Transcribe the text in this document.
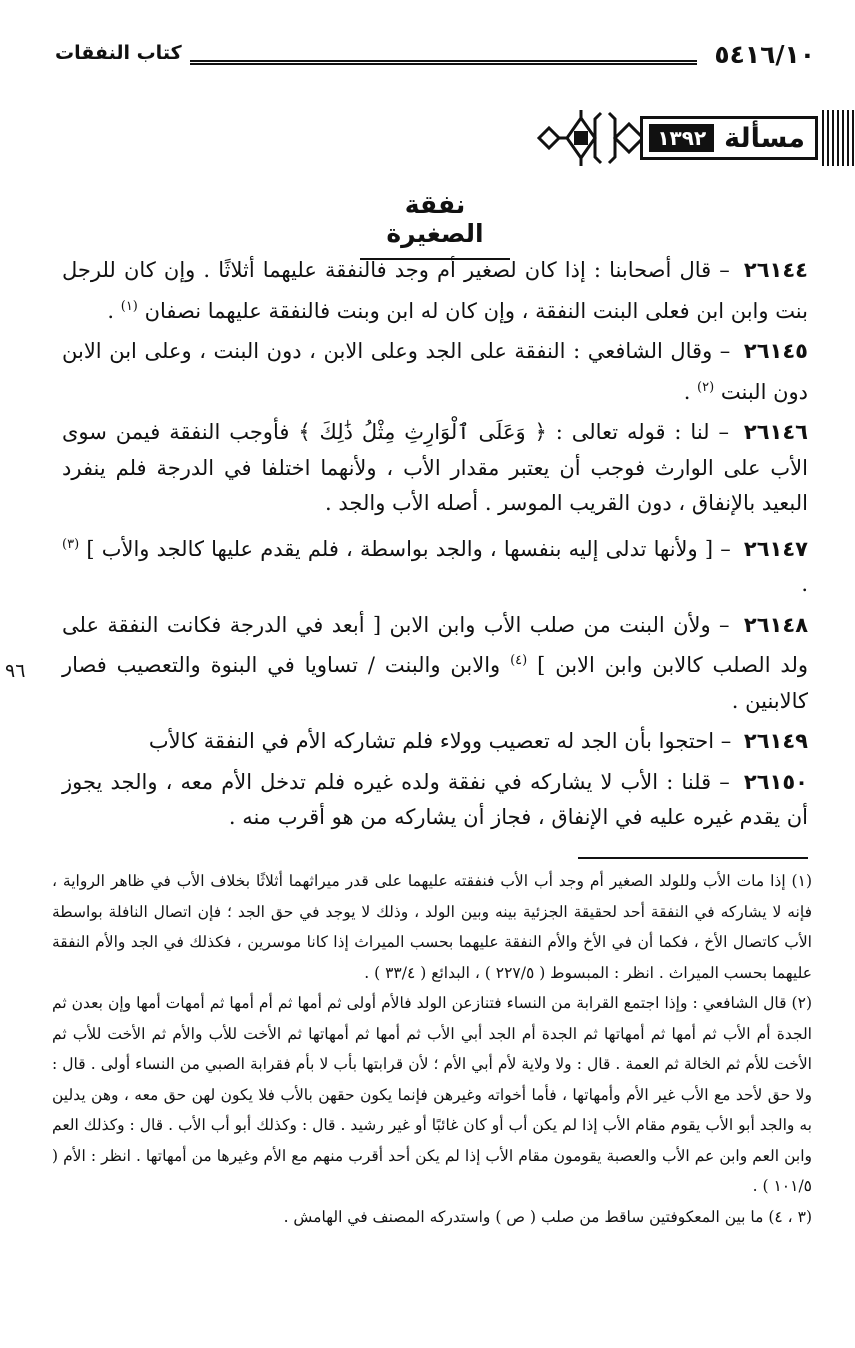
كتاب النفقات	٥٤١٦/١٠
مسألة
١٣٩٢
نفقة الصغيرة

٢٦١٤٤ – قال أصحابنا : إذا كان لصغير أم وجد فالنفقة عليهما أثلاثًا . وإن كان للرجل بنت وابن ابن فعلى البنت النفقة ، وإن كان له ابن وبنت فالنفقة عليهما نصفان $^{(١)}$ .

٢٦١٤٥ – وقال الشافعي : النفقة على الجد وعلى الابن ، دون البنت ، وعلى ابن الابن دون البنت $^{(٢)}$ .

٢٦١٤٦ – لنا : قوله تعالى : ﴿ وَعَلَى ٱلْوَارِثِ مِثْلُ ذَٰلِكَ ﴾ فأوجب النفقة فيمن سوى الأب على الوارث فوجب أن يعتبر مقدار الأب ، ولأنهما اختلفا في الدرجة فلم ينفرد البعيد بالإنفاق ، دون القريب الموسر . أصله الأب والجد .

٢٦١٤٧ – [ ولأنها تدلى إليه بنفسها ، والجد بواسطة ، فلم يقدم عليها كالجد والأب ] $^{(٣)}$ .

٢٦١٤٨ – ولأن البنت من صلب الأب وابن الابن [ أبعد في الدرجة فكانت النفقة على ولد الصلب كالابن وابن الابن ] $^{(٤)}$ والابن والبنت / تساويا في البنوة والتعصيب فصار كالابنين .

٢٦١٤٩ – احتجوا بأن الجد له تعصيب وولاء فلم تشاركه الأم في النفقة كالأب

٢٦١٥٠ – قلنا : الأب لا يشاركه في نفقة ولده غيره فلم تدخل الأم معه ، والجد يجوز أن يقدم غيره عليه في الإنفاق ، فجاز أن يشاركه من هو أقرب منه .

٩٦

(١) إذا مات الأب وللولد الصغير أم وجد أب الأب فنفقته عليهما على قدر ميراثهما أثلاثًا بخلاف الأب في ظاهر الرواية ، فإنه لا يشاركه في النفقة أحد لحقيقة الجزئية بينه وبين الولد ، وذلك لا يوجد في حق الجد ؛ فإن اتصال النافلة بواسطة الأب كاتصال الأخ ، فكما أن في الأخ والأم النفقة عليهما بحسب الميراث إذا كانا موسرين ، فكذلك في الجد والأم النفقة عليهما بحسب الميراث . انظر : المبسوط ( ٢٢٧/٥ ) ، البدائع ( ٣٣/٤ ) .

(٢) قال الشافعي : وإذا اجتمع القرابة من النساء فتنازعن الولد فالأم أولى ثم أمها ثم أم أمها ثم أمهات أمها وإن بعدن ثم الجدة أم الأب ثم أمها ثم أمهاتها ثم الجدة أم الجد أبي الأب ثم أمها ثم أمهاتها ثم الأخت للأب والأم ثم الأخت للأب ثم الأخت للأم ثم الخالة ثم العمة . قال : ولا ولاية لأم أبي الأم ؛ لأن قرابتها بأب لا بأم فقرابة الصبي من النساء أولى . قال : ولا حق لأحد مع الأب غير الأم وأمهاتها ، فأما أخواته وغيرهن فإنما يكون حقهن بالأب فلا يكون لهن حق معه ، وهن يدلين به والجد أبو الأب يقوم مقام الأب إذا لم يكن أب أو كان غائبًا أو غير رشيد . قال : وكذلك أبو أب الأب . قال : وكذلك العم وابن العم وابن عم الأب والعصبة يقومون مقام الأب إذا لم يكن أحد أقرب منهم مع الأم وغيرها من أمهاتها . انظر : الأم ( ١٠١/٥ ) .

(٣ ، ٤) ما بين المعكوفتين ساقط من صلب ( ص ) واستدركه المصنف في الهامش .
